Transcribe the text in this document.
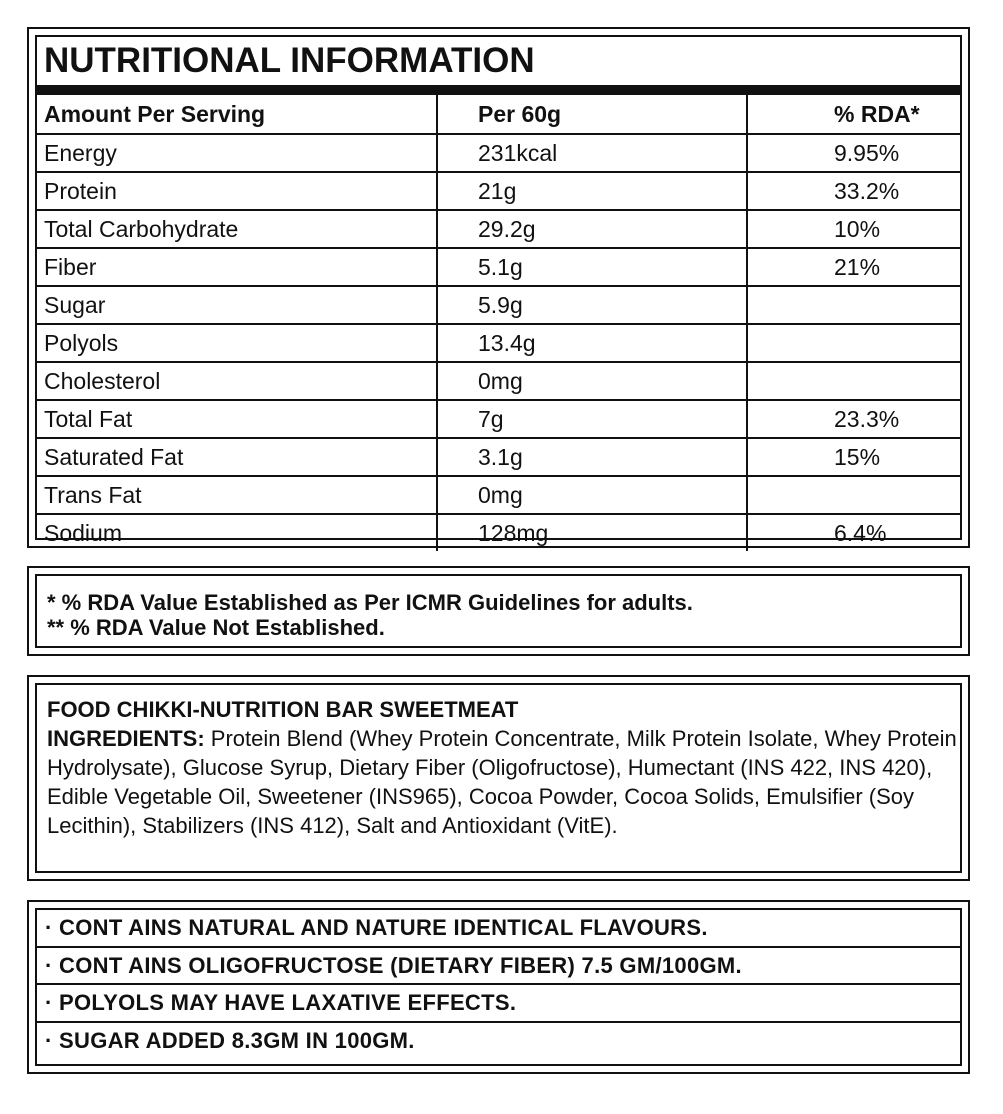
NUTRITIONAL INFORMATION
Amount Per Serving	Per 60g	% RDA*
Energy	231kcal	9.95%
Protein	21g	33.2%
Total Carbohydrate	29.2g	10%
Fiber	5.1g	21%
Sugar	5.9g	
Polyols	13.4g	
Cholesterol	0mg	
Total Fat	7g	23.3%
Saturated Fat	3.1g	15%
Trans Fat	0mg	
Sodium	128mg	6.4%
* % RDA Value Established as Per ICMR Guidelines for adults.
** % RDA Value Not Established.
FOOD CHIKKI-NUTRITION BAR SWEETMEAT
INGREDIENTS: Protein Blend (Whey Protein Concentrate, Milk Protein Isolate, Whey Protein Hydrolysate), Glucose Syrup, Dietary Fiber (Oligofructose), Humectant (INS 422, INS 420), Edible Vegetable Oil, Sweetener (INS965), Cocoa Powder, Cocoa Solids, Emulsifier (Soy Lecithin), Stabilizers (INS 412), Salt and Antioxidant (VitE).
· CONT AINS NATURAL AND NATURE IDENTICAL FLAVOURS.
· CONT AINS OLIGOFRUCTOSE (DIETARY FIBER) 7.5 GM/100GM.
· POLYOLS MAY HAVE LAXATIVE EFFECTS.
· SUGAR ADDED 8.3GM IN 100GM.
